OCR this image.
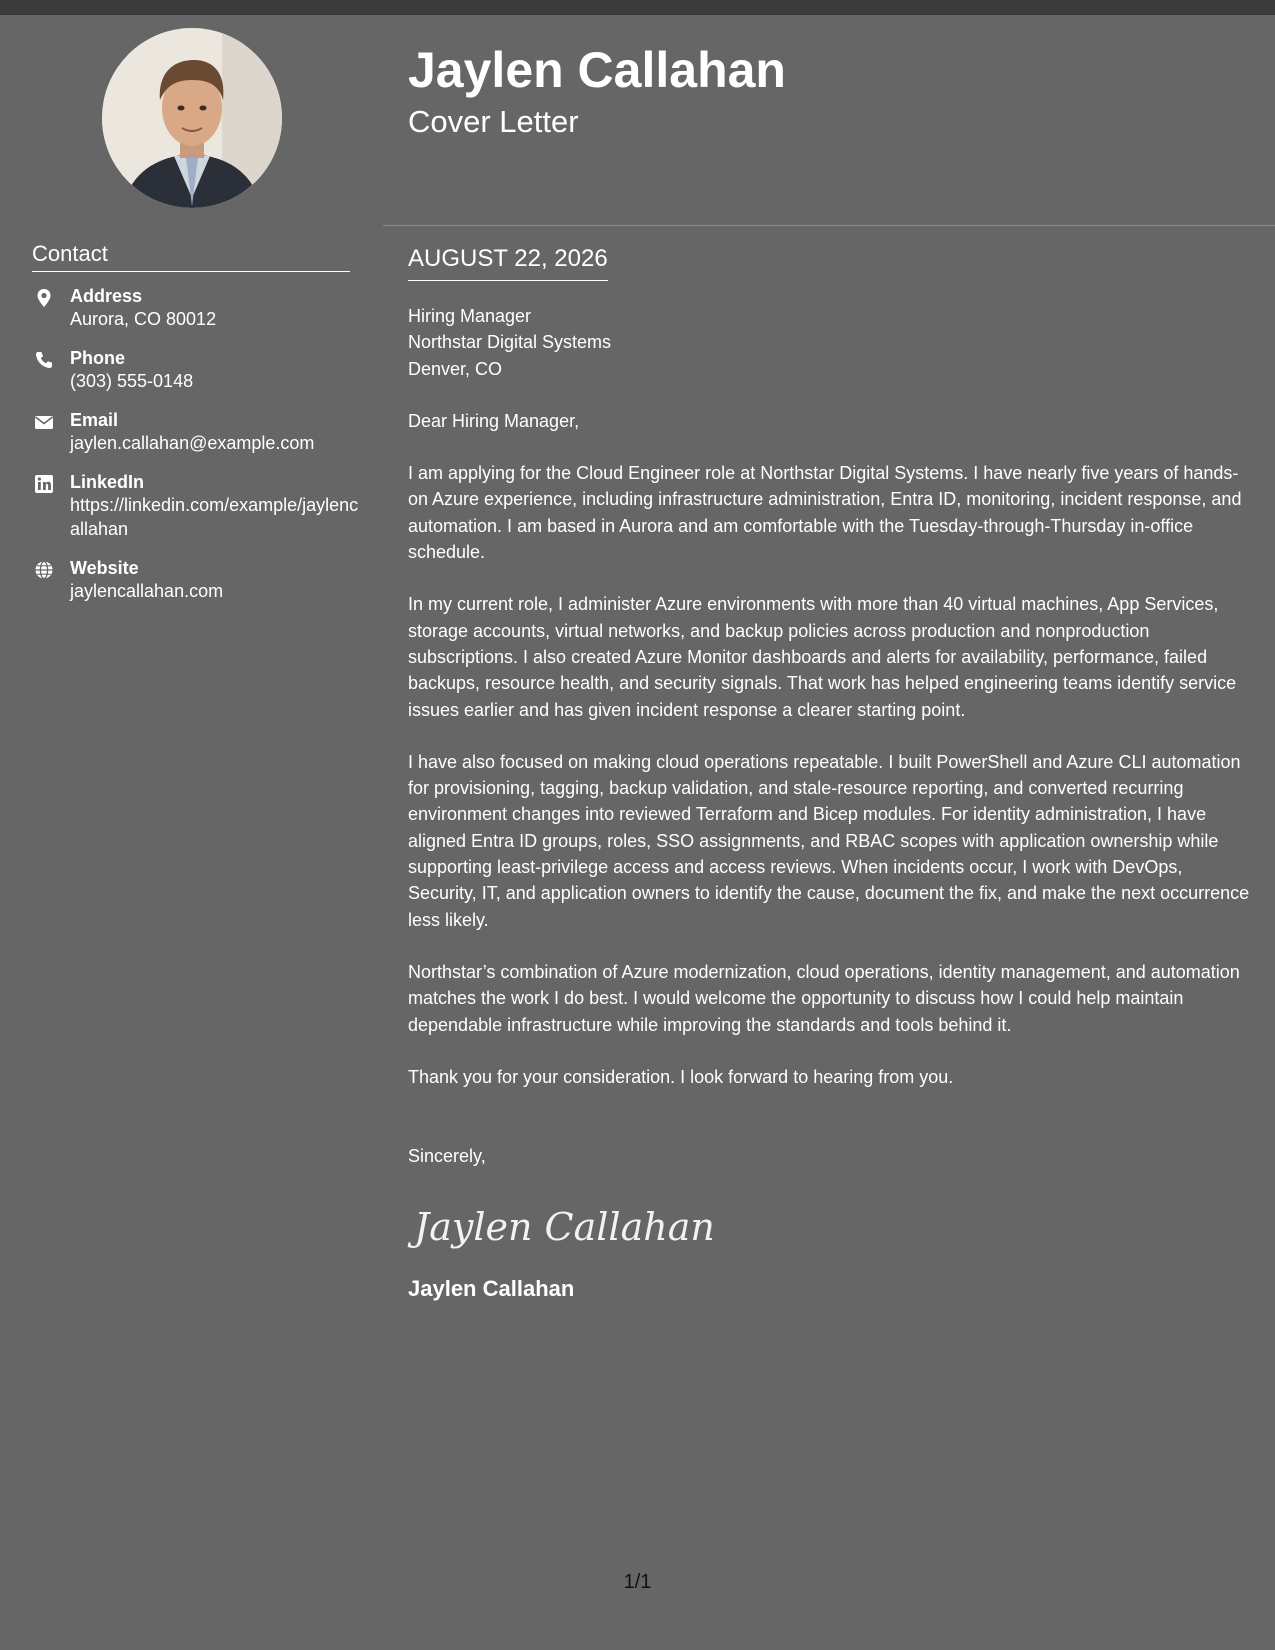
Contact
Address
Aurora, CO 80012
Phone
(303) 555-0148
Email
jaylen.callahan@example.com
LinkedIn
https://linkedin.com/example/jaylencallahan
Website
jaylencallahan.com
Jaylen Callahan
Cover Letter
AUGUST 22, 2026

Hiring Manager
Northstar Digital Systems
Denver, CO

Dear Hiring Manager,

I am applying for the Cloud Engineer role at Northstar Digital Systems. I have nearly five years of hands-on Azure experience, including infrastructure administration, Entra ID, monitoring, incident response, and automation. I am based in Aurora and am comfortable with the Tuesday-through-Thursday in-office schedule.

In my current role, I administer Azure environments with more than 40 virtual machines, App Services, storage accounts, virtual networks, and backup policies across production and nonproduction subscriptions. I also created Azure Monitor dashboards and alerts for availability, performance, failed backups, resource health, and security signals. That work has helped engineering teams identify service issues earlier and has given incident response a clearer starting point.

I have also focused on making cloud operations repeatable. I built PowerShell and Azure CLI automation for provisioning, tagging, backup validation, and stale-resource reporting, and converted recurring environment changes into reviewed Terraform and Bicep modules. For identity administration, I have aligned Entra ID groups, roles, SSO assignments, and RBAC scopes with application ownership while supporting least-privilege access and access reviews. When incidents occur, I work with DevOps, Security, IT, and application owners to identify the cause, document the fix, and make the next occurrence less likely.

Northstar’s combination of Azure modernization, cloud operations, identity management, and automation matches the work I do best. I would welcome the opportunity to discuss how I could help maintain dependable infrastructure while improving the standards and tools behind it.

Thank you for your consideration. I look forward to hearing from you.

Sincerely,

Jaylen Callahan

Jaylen Callahan

1/1
